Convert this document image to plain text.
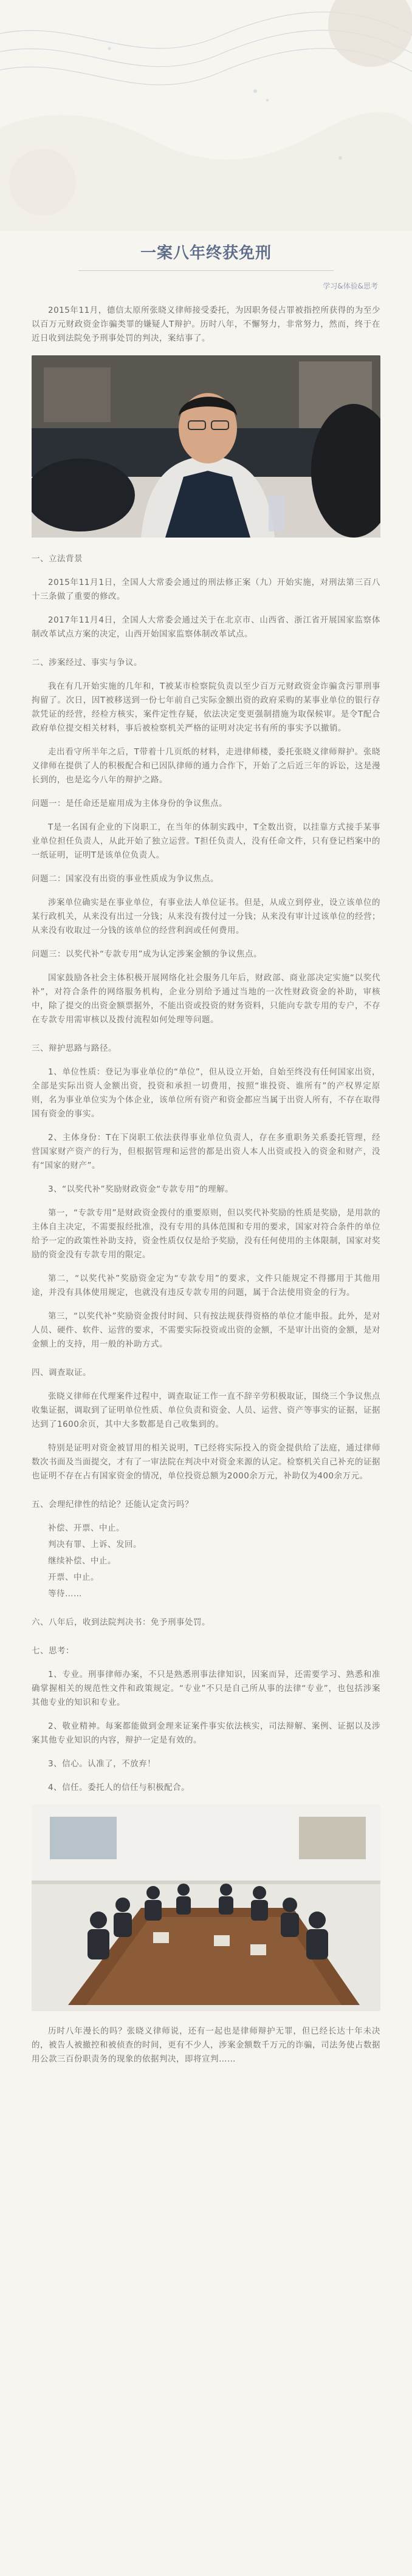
一案八年终获免刑
学习&体验&思考

2015年11月，德信太原所张晓义律师接受委托，为因职务侵占罪被指控所获得的为至少以百万元财政资金诈骗类罪的嫌疑人T辩护。历时八年，不懈努力，非常努力，然而，终于在近日收到法院免予刑事处罚的判决，案结事了。

一、立法背景

2015年11月1日，全国人大常委会通过的刑法修正案（九）开始实施，对刑法第三百八十三条做了重要的修改。

2017年11月4日，全国人大常委会通过关于在北京市、山西省、浙江省开展国家监察体制改革试点方案的决定，山西开始国家监察体制改革试点。

二、涉案经过、事实与争议。

我在有几开始实施的几年和，T被某市检察院负责以至少百万元财政资金诈骗贪污罪刑事拘留了。次日，因T被移送到一份七年前自己实际金额出资的政府采购的某事业单位的银行存款凭证的经营，经检方核实，案件定性存疑，依法决定变更强制措施为取保候审。是令T配合政府单位提交相关材料，事后被检察机关严格的证明对决定书有所的事实予以撤销。

走出看守所半年之后，T带着十几页纸的材料，走进律师楼，委托张晓义律师辩护。张晓义律师在提供了人的积极配合和已因队律师的通力合作下，开始了之后近三年的诉讼，这是漫长到的，也是迄今八年的辩护之路。

问题一：是任命还是雇用成为主体身份的争议焦点。

T是一名国有企业的下岗职工，在当年的体制实践中，T全数出资，以挂靠方式接手某事业单位担任负责人，从此开始了独立运营。T担任负责人，没有任命文件，只有登记档案中的一纸证明，证明T是该单位负责人。

问题二：国家没有出资的事业性质成为争议焦点。

涉案单位确实是在事业单位，有事业法人单位证书。但是，从成立到停业，设立该单位的某行政机关，从来没有出过一分钱；从来没有拨付过一分钱；从来没有审计过该单位的经营；从来没有收取过一分钱的该单位的经营利润或任何费用。

问题三：以奖代补“专款专用”成为认定涉案金额的争议焦点。

国家鼓励各社会主体积极开展网络化社会服务几年后，财政部、商业部决定实施“以奖代补”，对符合条件的网络服务机构，企业分别给予通过当地的一次性财政资金的补助，审核中，除了提交的出资金额票据外，不能出资或投资的财务资料，只能向专款专用的专户，不存在专款专用需审核以及拨付流程如何处理等问题。

三、辩护思路与路径。

1、单位性质：登记为事业单位的“单位”，但从设立开始，自始至终没有任何国家出资，全部是实际出资人金额出资，投资和承担一切费用，按照“谁投资、谁所有”的产权界定原则，名为事业单位实为个体企业，该单位所有资产和资金都应当属于出资人所有，不存在取得国有资金的事实。

2、主体身份：T在下岗职工依法获得事业单位负责人，存在多重职务关系委托管理，经营国家财产资产的行为，但根据管理和运营的都是出资人本人出资或投入的资金和财产，没有“国家的财产”。

3、“以奖代补”奖励财政资金“专款专用”的理解。

第一，“专款专用”是财政资金拨付的重要原则，但以奖代补奖励的性质是奖励，是用款的主体自主决定，不需要报经批准，没有专用的具体范围和专用的要求，国家对符合条件的单位给予一定的政策性补助支持，资金性质仅仅是给予奖励，没有任何使用的主体限制，国家对奖励的资金没有专款专用的限定。

第二，“以奖代补”奖励资金定为“专款专用”的要求，文件只能规定不得挪用于其他用途，并没有具体使用规定，也就没有违反专款专用的问题，属于合法使用资金的行为。

第三，“以奖代补”奖励资金拨付时间、只有按法规获得资格的单位才能申报。此外，是对人员、硬件、软件、运营的要求，不需要实际投资或出资的金额，不是审计出资的金额，是对金额上的支持，用一般的补助方式。

四、调查取证。

张晓义律师在代理案件过程中，调查取证工作一直不辞辛劳积极取证，围绕三个争议焦点收集证据，调取到了证明单位性质、单位负责和资金、人员、运营、资产等事实的证据，证据达到了1600余页，其中大多数都是自己收集到的。

特别是证明对资金被冒用的相关说明，T已经将实际投入的资金提供给了法庭，通过律师数次书面及当面提交，才有了一审法院在判决中对资金来源的认定。检察机关自己补充的证据也证明不存在占有国家资金的情况，单位投资总额为2000余万元，补助仅为400余万元。

五、会理纪律性的结论？还能认定贪污吗？

补偿、开票、中止。

判决有罪、上诉、发回。

继续补偿、中止。

开票、中止。

等待……

六、八年后，收到法院判决书：免予刑事处罚。

七、思考：

1、专业。刑事律师办案，不只是熟悉刑事法律知识，因案而异，还需要学习、熟悉和准确掌握相关的规范性文件和政策规定。“专业”不只是自己所从事的法律“专业”，也包括涉案其他专业的知识和专业。

2、敬业精神。每案都能做到金理来证案件事实依法核实，司法辩解、案例、证据以及涉案其他专业知识的内容，辩护一定是有效的。

3、信心。认准了，不放弃！

4、信任。委托人的信任与积极配合。

历时八年漫长的吗？张晓义律师说，还有一起也是律师辩护无罪，但已经长达十年未决的，被告人被撤控和被侦查的时间，更有不少人，涉案金额数千万元的诈骗，司法务使占数据用公款三百份职责务的现象的依据判决，即将宣判……
